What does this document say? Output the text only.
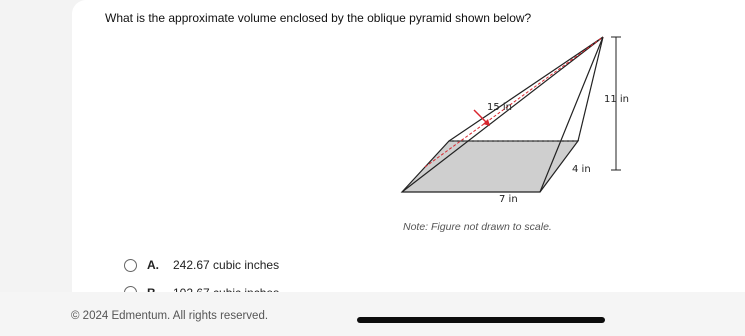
What is the approximate volume enclosed by the oblique pyramid shown below?
15 in
11 in
4 in
7 in
Note: Figure not drawn to scale.
A.	242.67 cubic inches
© 2024 Edmentum. All rights reserved.
